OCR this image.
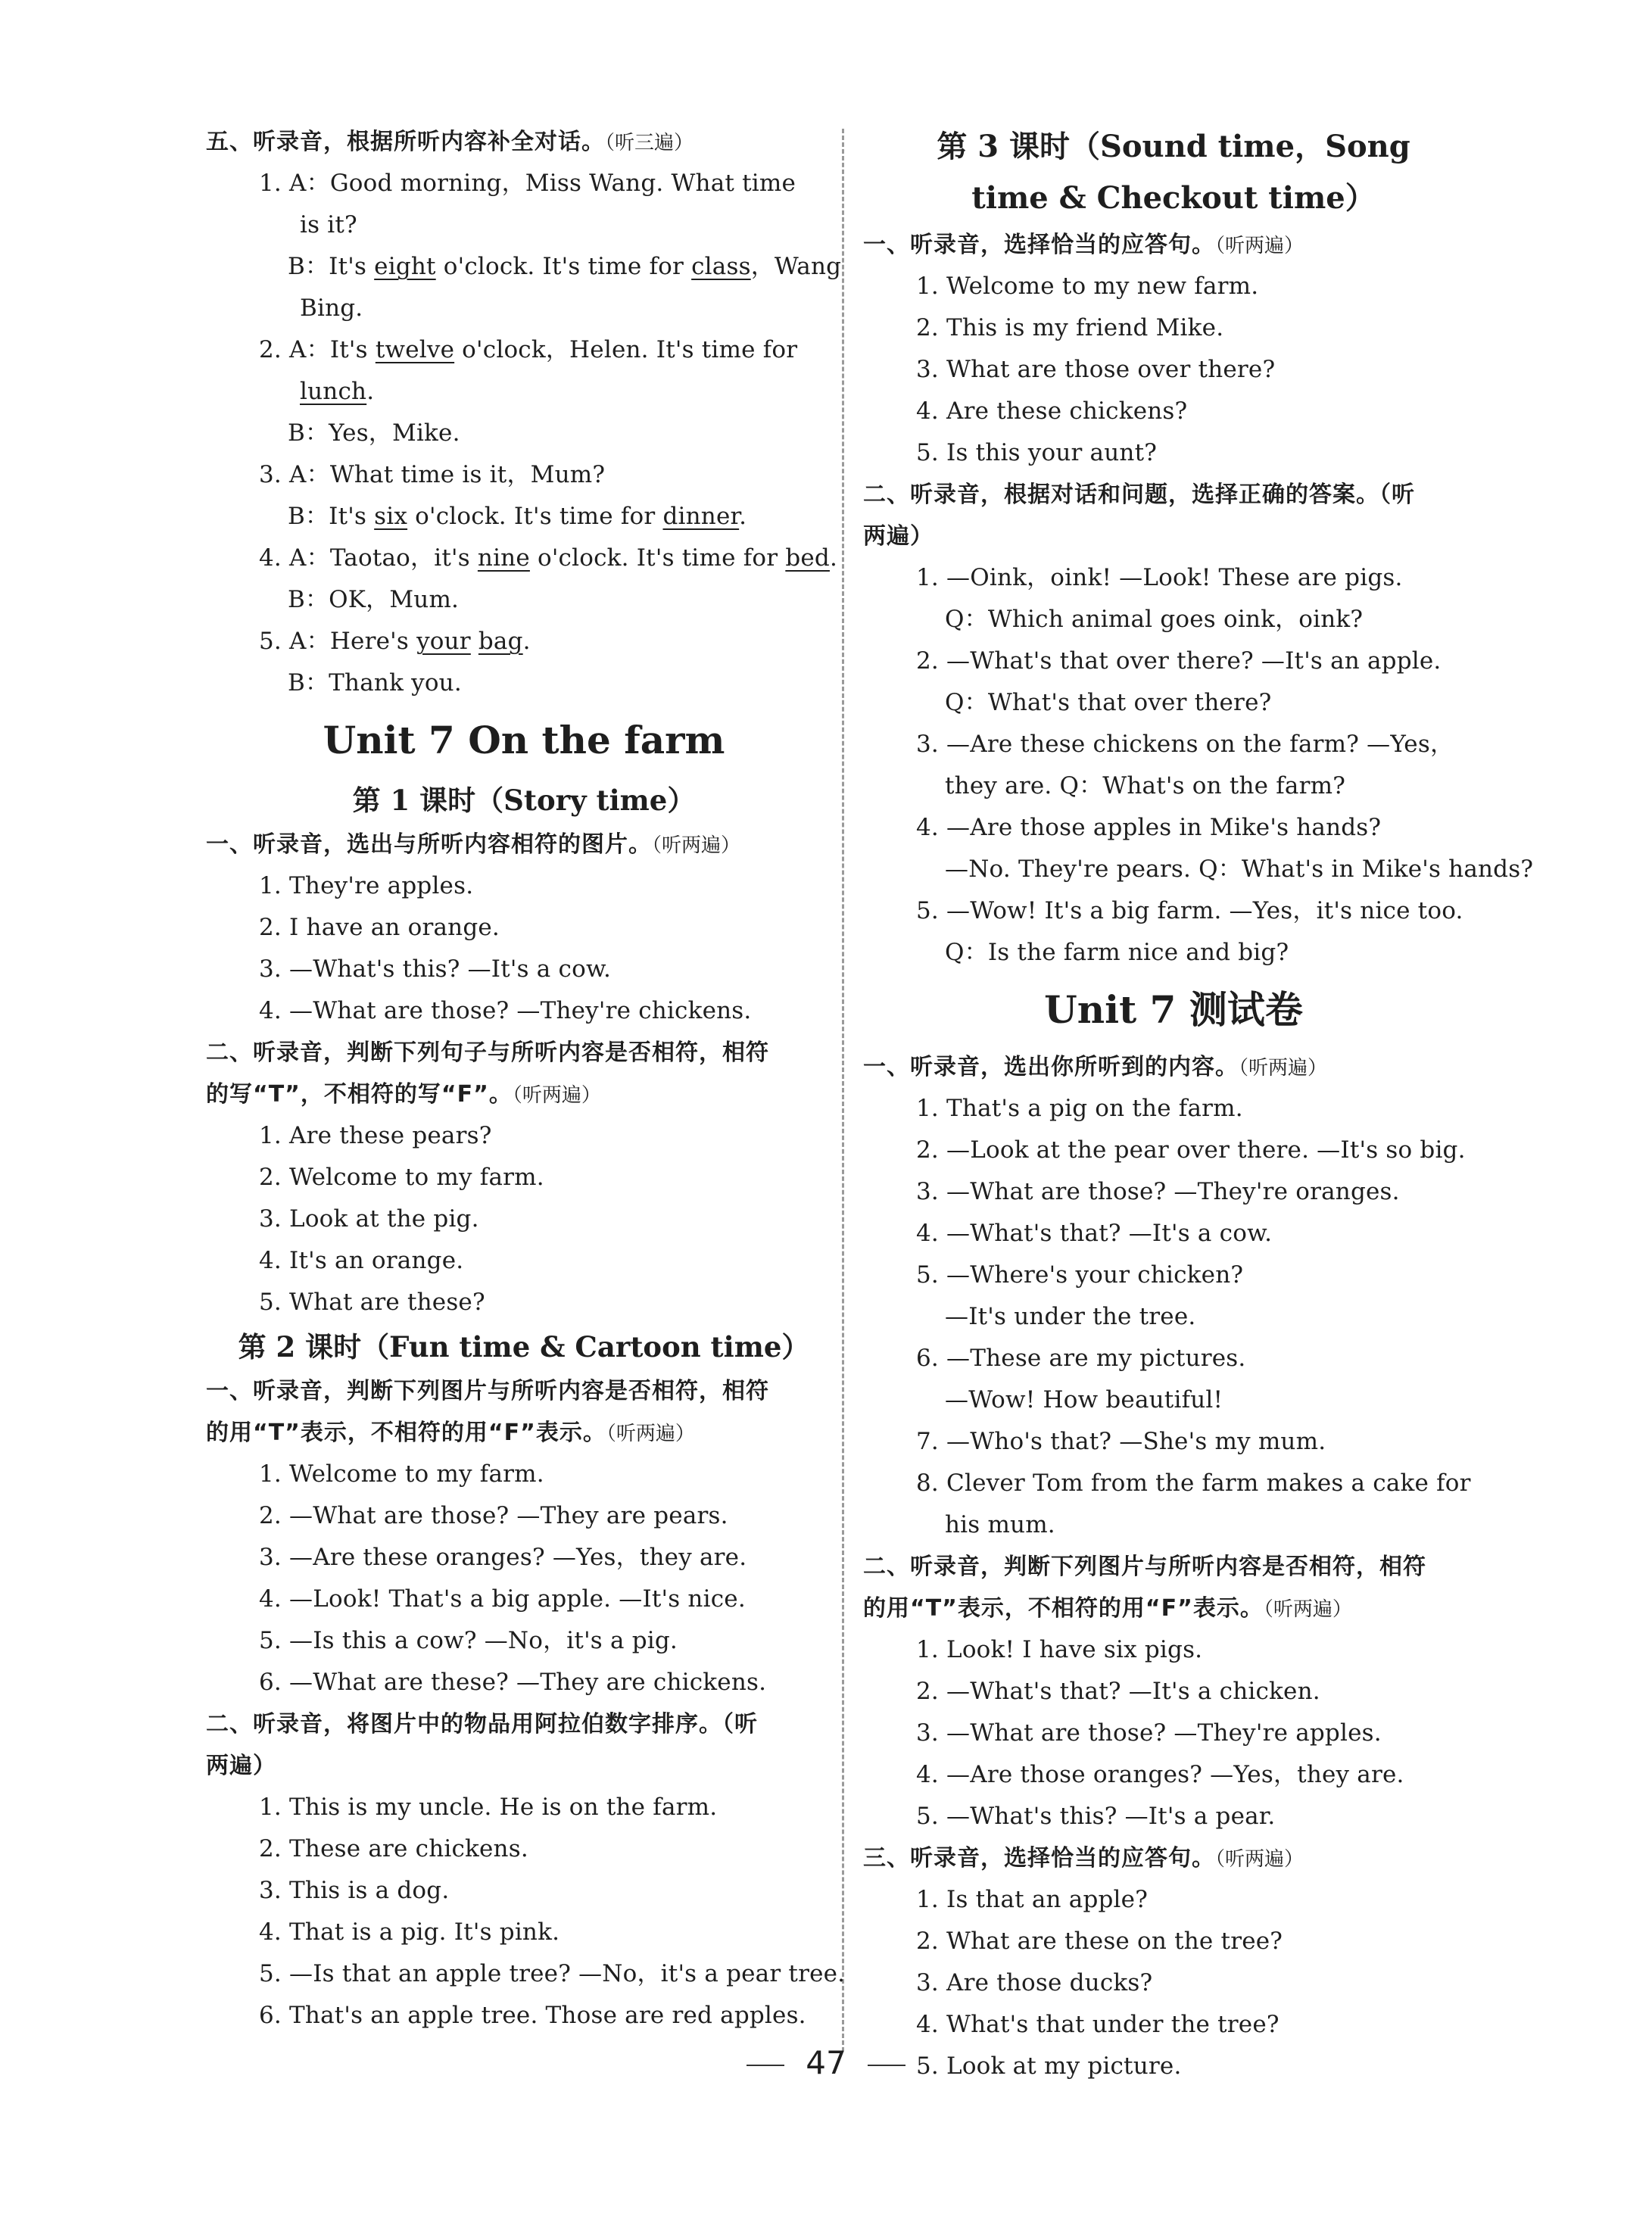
五、听录音，根据所听内容补全对话。（听三遍）
1. A：Good morning，Miss Wang. What time
is it?
B：It's eight o'clock. It's time for class，Wang
Bing.
2. A：It's twelve o'clock，Helen. It's time for
lunch.
B：Yes，Mike.
3. A：What time is it，Mum?
B：It's six o'clock. It's time for dinner.
4. A：Taotao，it's nine o'clock. It's time for bed.
B：OK，Mum.
5. A：Here's your bag.
B：Thank you.
Unit 7 On the farm
第 1 课时（Story time）
一、听录音，选出与所听内容相符的图片。（听两遍）
1. They're apples.
2. I have an orange.
3. —What's this? —It's a cow.
4. —What are those? —They're chickens.
二、听录音，判断下列句子与所听内容是否相符，相符
的写“T”，不相符的写“F”。（听两遍）
1. Are these pears?
2. Welcome to my farm.
3. Look at the pig.
4. It's an orange.
5. What are these?
第 2 课时（Fun time & Cartoon time）
一、听录音，判断下列图片与所听内容是否相符，相符
的用“T”表示，不相符的用“F”表示。（听两遍）
1. Welcome to my farm.
2. —What are those? —They are pears.
3. —Are these oranges? —Yes，they are.
4. —Look! That's a big apple. —It's nice.
5. —Is this a cow? —No，it's a pig.
6. —What are these? —They are chickens.
二、听录音，将图片中的物品用阿拉伯数字排序。（听
两遍）
1. This is my uncle. He is on the farm.
2. These are chickens.
3. This is a dog.
4. That is a pig. It's pink.
5. —Is that an apple tree? —No，it's a pear tree.
6. That's an apple tree. Those are red apples.
第 3 课时（Sound time，Song
time & Checkout time）
一、听录音，选择恰当的应答句。（听两遍）
1. Welcome to my new farm.
2. This is my friend Mike.
3. What are those over there?
4. Are these chickens?
5. Is this your aunt?
二、听录音，根据对话和问题，选择正确的答案。（听
两遍）
1. —Oink，oink! —Look! These are pigs.
Q：Which animal goes oink，oink?
2. —What's that over there? —It's an apple.
Q：What's that over there?
3. —Are these chickens on the farm? —Yes，
they are. Q：What's on the farm?
4. —Are those apples in Mike's hands?
—No. They're pears. Q：What's in Mike's hands?
5. —Wow! It's a big farm. —Yes，it's nice too.
Q：Is the farm nice and big?
Unit 7 测试卷
一、听录音，选出你所听到的内容。（听两遍）
1. That's a pig on the farm.
2. —Look at the pear over there. —It's so big.
3. —What are those? —They're oranges.
4. —What's that? —It's a cow.
5. —Where's your chicken?
—It's under the tree.
6. —These are my pictures.
—Wow! How beautiful!
7. —Who's that? —She's my mum.
8. Clever Tom from the farm makes a cake for
his mum.
二、听录音，判断下列图片与所听内容是否相符，相符
的用“T”表示，不相符的用“F”表示。（听两遍）
1. Look! I have six pigs.
2. —What's that? —It's a chicken.
3. —What are those? —They're apples.
4. —Are those oranges? —Yes，they are.
5. —What's this? —It's a pear.
三、听录音，选择恰当的应答句。（听两遍）
1. Is that an apple?
2. What are these on the tree?
3. Are those ducks?
4. What's that under the tree?
5. Look at my picture.
47
